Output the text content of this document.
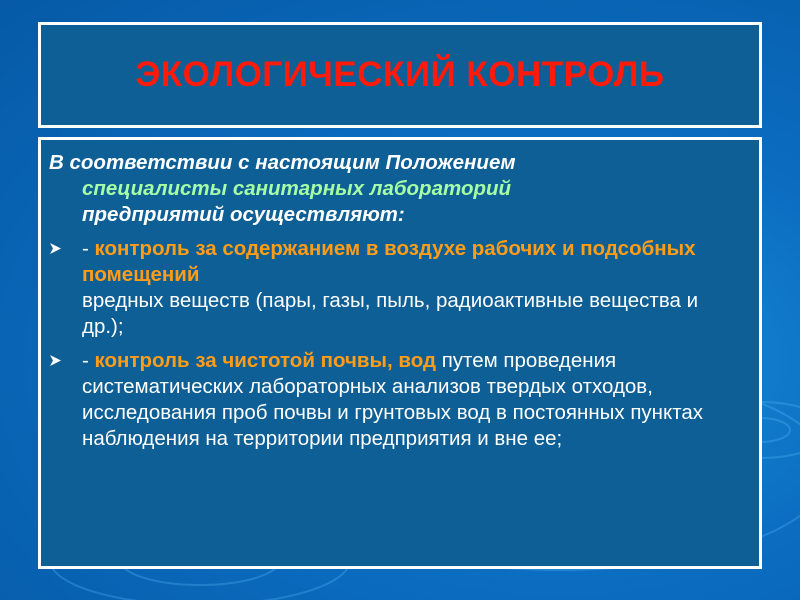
ЭКОЛОГИЧЕСКИЙ КОНТРОЛЬ
В соответствии с настоящим Положением
специалисты санитарных лабораторий
предприятий осуществляют:
- контроль за содержанием в воздухе рабочих и подсобных помещений
вредных веществ (пары, газы, пыль, радиоактивные вещества и др.);
- контроль за чистотой почвы, вод путем проведения систематических лабораторных анализов твердых отходов, исследования проб почвы и грунтовых вод в постоянных пунктах наблюдения на территории предприятия и вне ее;
